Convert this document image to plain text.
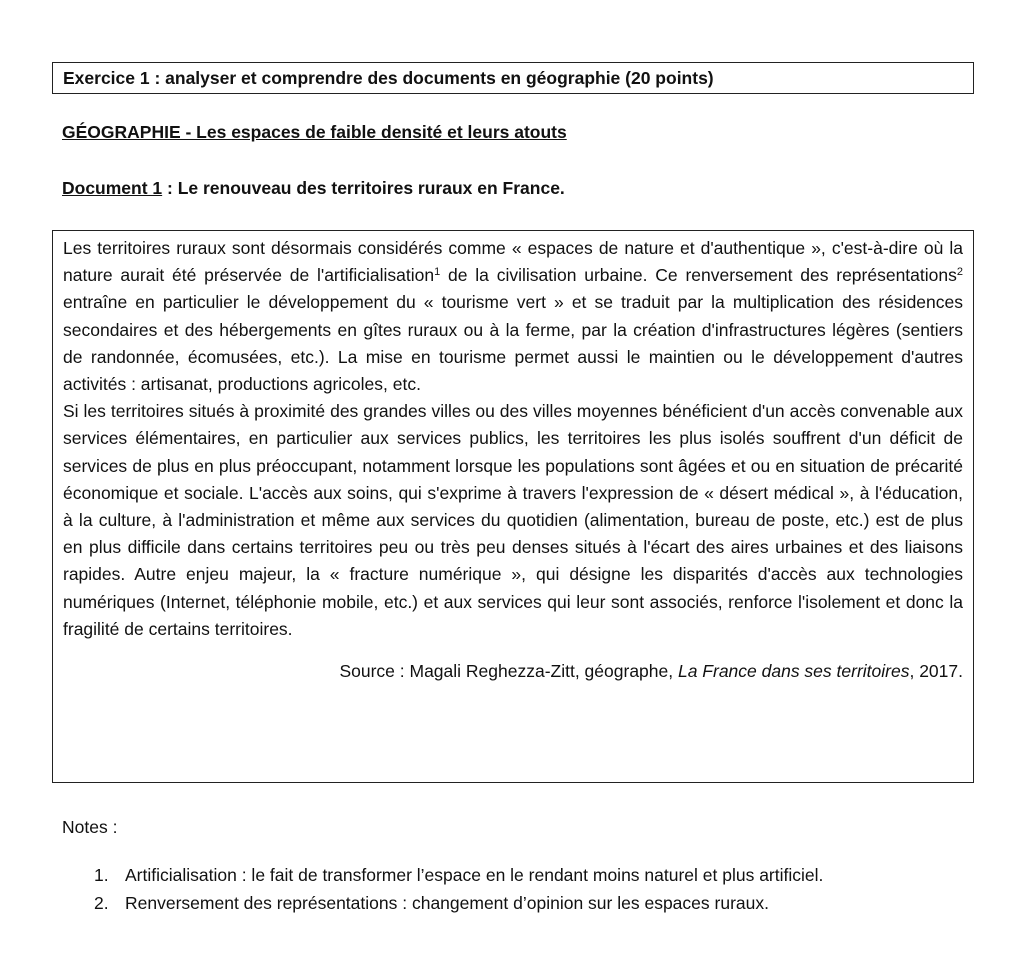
Exercice 1 : analyser et comprendre des documents en géographie (20 points)
GÉOGRAPHIE - Les espaces de faible densité et leurs atouts
Document 1 : Le renouveau des territoires ruraux en France.

Les territoires ruraux sont désormais considérés comme « espaces de nature et d'authentique », c'est-à-dire où la nature aurait été préservée de l'artificialisation$^1$ de la civilisation urbaine. Ce renversement des représentations$^2$ entraîne en particulier le développement du « tourisme vert » et se traduit par la multiplication des résidences secondaires et des hébergements en gîtes ruraux ou à la ferme, par la création d'infrastructures légères (sentiers de randonnée, écomusées, etc.). La mise en tourisme permet aussi le maintien ou le développement d'autres activités : artisanat, productions agricoles, etc.

Si les territoires situés à proximité des grandes villes ou des villes moyennes bénéficient d'un accès convenable aux services élémentaires, en particulier aux services publics, les territoires les plus isolés souffrent d'un déficit de services de plus en plus préoccupant, notamment lorsque les populations sont âgées et ou en situation de précarité économique et sociale. L'accès aux soins, qui s'exprime à travers l'expression de « désert médical », à l'éducation, à la culture, à l'administration et même aux services du quotidien (alimentation, bureau de poste, etc.) est de plus en plus difficile dans certains territoires peu ou très peu denses situés à l'écart des aires urbaines et des liaisons rapides. Autre enjeu majeur, la « fracture numérique », qui désigne les disparités d'accès aux technologies numériques (Internet, téléphonie mobile, etc.) et aux services qui leur sont associés, renforce l'isolement et donc la fragilité de certains territoires.

Source : Magali Reghezza-Zitt, géographe, La France dans ses territoires, 2017.

Notes :
1. Artificialisation : le fait de transformer l’espace en le rendant moins naturel et plus artificiel.
2. Renversement des représentations : changement d’opinion sur les espaces ruraux.
